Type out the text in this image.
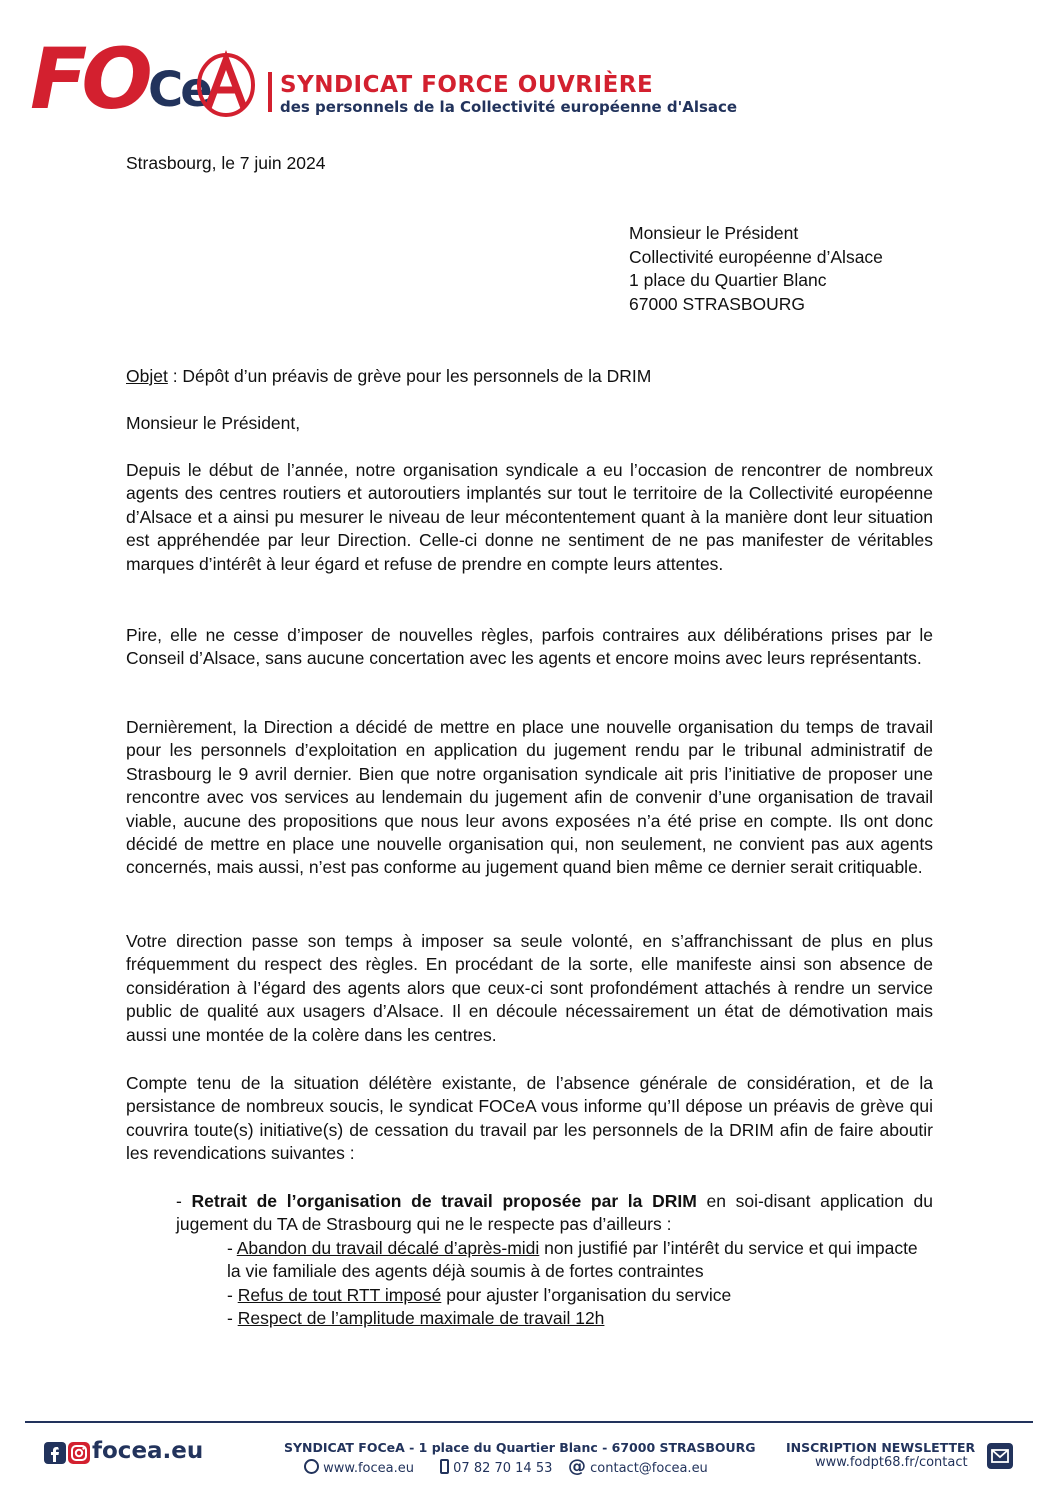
FO Ce	SYNDICAT FORCE OUVRIÈRE
des personnels de la Collectivité européenne d'Alsace
Strasbourg, le 7 juin 2024
Monsieur le Président
Collectivité européenne d’Alsace
1 place du Quartier Blanc
67000 STRASBOURG
Objet : Dépôt d’un préavis de grève pour les personnels de la DRIM
Monsieur le Président,
Depuis le début de l’année, notre organisation syndicale a eu l’occasion de rencontrer de nombreux agents des centres routiers et autoroutiers implantés sur tout le territoire de la Collectivité européenne d’Alsace et a ainsi pu mesurer le niveau de leur mécontentement quant à la manière dont leur situation est appréhendée par leur Direction. Celle-ci donne ne sentiment de ne pas manifester de véritables marques d’intérêt à leur égard et refuse de prendre en compte leurs attentes.
Pire, elle ne cesse d’imposer de nouvelles règles, parfois contraires aux délibérations prises par le Conseil d’Alsace, sans aucune concertation avec les agents et encore moins avec leurs représentants.
Dernièrement, la Direction a décidé de mettre en place une nouvelle organisation du temps de travail pour les personnels d’exploitation en application du jugement rendu par le tribunal administratif de Strasbourg le 9 avril dernier. Bien que notre organisation syndicale ait pris l’initiative de proposer une rencontre avec vos services au lendemain du jugement afin de convenir d’une organisation de travail viable, aucune des propositions que nous leur avons exposées n’a été prise en compte. Ils ont donc décidé de mettre en place une nouvelle organisation qui, non seulement, ne convient pas aux agents concernés, mais aussi, n’est pas conforme au jugement quand bien même ce dernier serait critiquable.
Votre direction passe son temps à imposer sa seule volonté, en s’affranchissant de plus en plus fréquemment du respect des règles. En procédant de la sorte, elle manifeste ainsi son absence de considération à l’égard des agents alors que ceux-ci sont profondément attachés à rendre un service public de qualité aux usagers d’Alsace. Il en découle nécessairement un état de démotivation mais aussi une montée de la colère dans les centres.
Compte tenu de la situation délétère existante, de l’absence générale de considération, et de la persistance de nombreux soucis, le syndicat FOCeA vous informe qu’Il dépose un préavis de grève qui couvrira toute(s) initiative(s) de cessation du travail par les personnels de la DRIM afin de faire aboutir les revendications suivantes :
- Retrait de l’organisation de travail proposée par la DRIM en soi-disant application du jugement du TA de Strasbourg qui ne le respecte pas d’ailleurs :
- Abandon du travail décalé d’après-midi non justifié par l’intérêt du service et qui impacte la vie familiale des agents déjà soumis à de fortes contraintes
- Refus de tout RTT imposé pour ajuster l’organisation du service
- Respect de l’amplitude maximale de travail 12h
focea.eu	SYNDICAT FOCeA - 1 place du Quartier Blanc - 67000 STRASBOURG
www.focea.eu	07 82 70 14 53 @ contact@focea.eu
INSCRIPTION NEWSLETTER
www.fodpt68.fr/contact
